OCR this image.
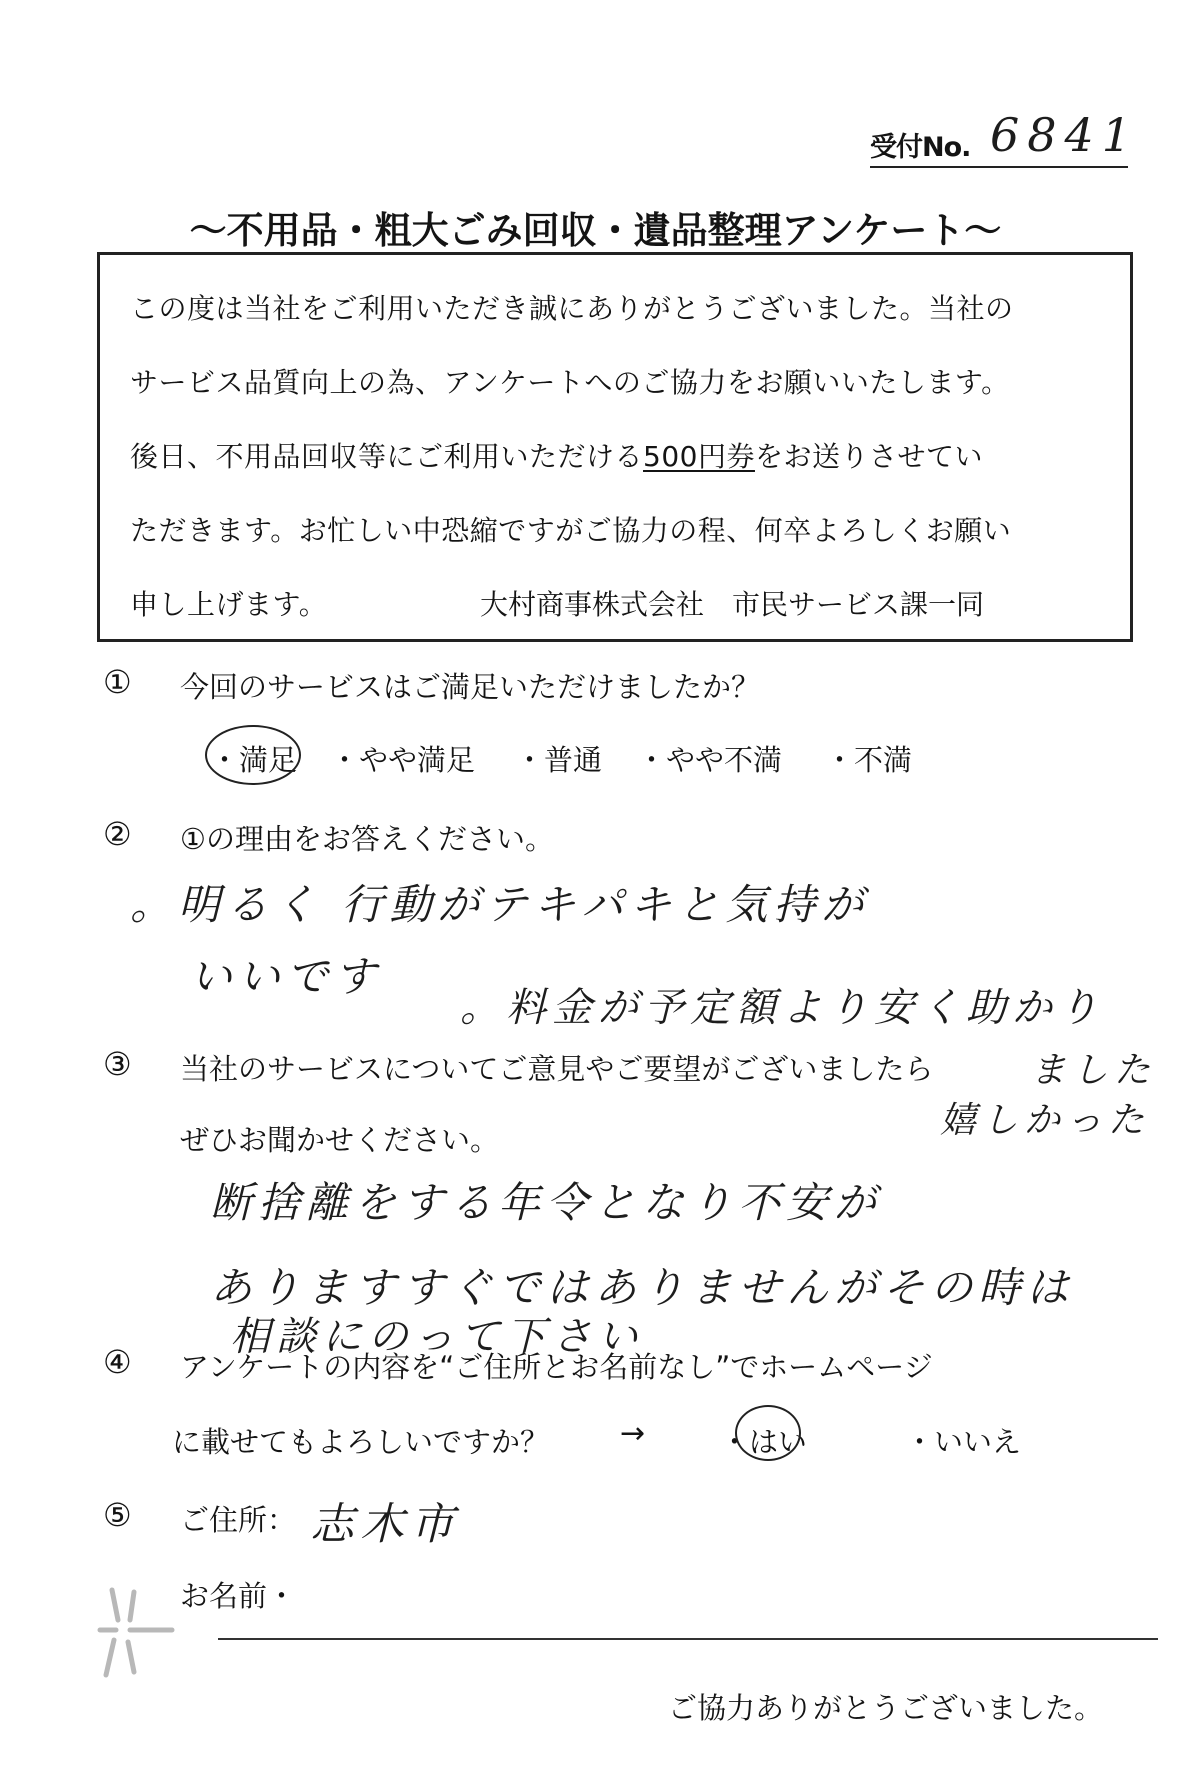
受付No. 6841
～不用品・粗大ごみ回収・遺品整理アンケート～
この度は当社をご利用いただき誠にありがとうございました。当社の
サービス品質向上の為、アンケートへのご協力をお願いいたします。
後日、不用品回収等にご利用いただける500円券をお送りさせてい
ただきます。お忙しい中恐縮ですがご協力の程、何卒よろしくお願い
申し上げます。	大村商事株式会社　市民サービス課一同
① 今回のサービスはご満足いただけましたか？
・満足 ・やや満足 ・普通 ・やや不満 ・不満
② ①の理由をお答えください。
。明るく 行動がテキパキと気持が
いいです
。料金が予定額より安く助かり
③ 当社のサービスについてご意見やご要望がございましたら
ぜひお聞かせください。
ました
嬉しかった
断捨離をする年令となり不安が
ありますすぐではありませんがその時は
相談にのって下さい
④ アンケートの内容を“ご住所とお名前なし”でホームページ
に載せてもよろしいですか？ →	・はい	・いいえ
⑤ ご住所： 志木市
お名前・
ご協力ありがとうございました。
